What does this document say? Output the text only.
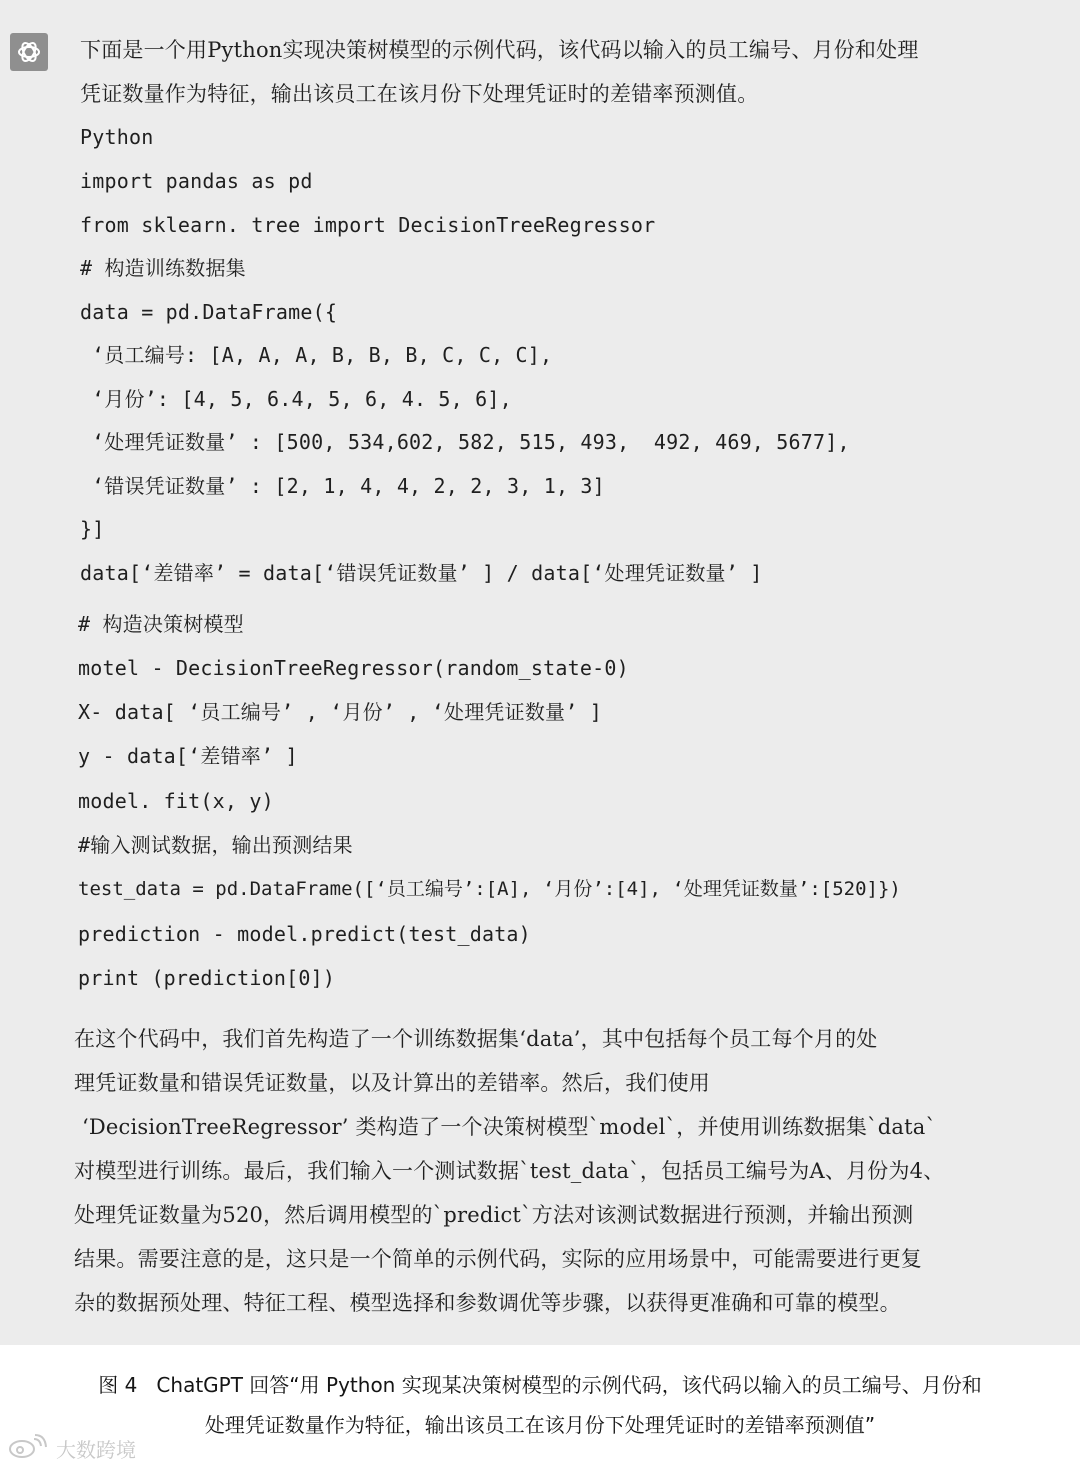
下面是一个用Python实现决策树模型的示例代码，该代码以输入的员工编号、月份和处理
凭证数量作为特征，输出该员工在该月份下处理凭证时的差错率预测值。
Python
import pandas as pd
from sklearn. tree import DecisionTreeRegressor
# 构造训练数据集
data = pd.DataFrame({
‘员工编号: [A, A, A, B, B, B, C, C, C],
‘月份’: [4, 5, 6.4, 5, 6, 4. 5, 6],
‘处理凭证数量’ : [500, 534,602, 582, 515, 493,  492, 469, 5677],
‘错误凭证数量’ : [2, 1, 4, 4, 2, 2, 3, 1, 3]
}]
data[‘差错率’ = data[‘错误凭证数量’ ] / data[‘处理凭证数量’ ]
# 构造决策树模型
motel - DecisionTreeRegressor(random_state-0)
X- data[ ‘员工编号’ , ‘月份’ , ‘处理凭证数量’ ]
y - data[‘差错率’ ]
model. fit(x, y)
#输入测试数据，输出预测结果
test_data = pd.DataFrame([‘员工编号’:[A], ‘月份’:[4], ‘处理凭证数量’:[520]})
prediction - model.predict(test_data)
print (prediction[0])
在这个代码中，我们首先构造了一个训练数据集‘data’，其中包括每个员工每个月的处
理凭证数量和错误凭证数量，以及计算出的差错率。然后，我们使用
‘DecisionTreeRegressor’ 类构造了一个决策树模型`model`，并使用训练数据集`data`
对模型进行训练。最后，我们输入一个测试数据`test_data`，包括员工编号为A、月份为4、
处理凭证数量为520，然后调用模型的`predict`方法对该测试数据进行预测，并输出预测
结果。需要注意的是，这只是一个简单的示例代码，实际的应用场景中，可能需要进行更复
杂的数据预处理、特征工程、模型选择和参数调优等步骤，以获得更准确和可靠的模型。
图 4   ChatGPT 回答“用 Python 实现某决策树模型的示例代码，该代码以输入的员工编号、月份和
处理凭证数量作为特征，输出该员工在该月份下处理凭证时的差错率预测值”
大数跨境
